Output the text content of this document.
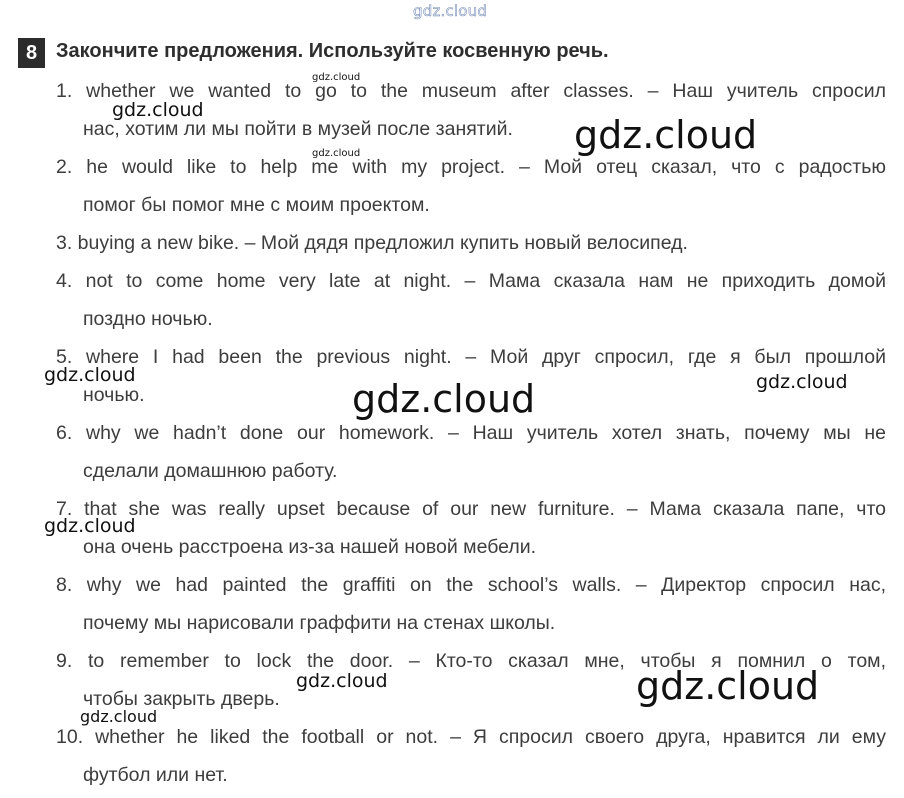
gdz.cloud
8 Закончите предложения. Используйте косвенную речь.
1. whether we wanted to go to the museum after classes. – Наш учитель спросил
нас, хотим ли мы пойти в музей после занятий.
2. he would like to help me with my project. – Мой отец сказал, что с радостью
помог бы помог мне с моим проектом.
3. buying a new bike. – Мой дядя предложил купить новый велосипед.
4. not to come home very late at night. – Мама сказала нам не приходить домой
поздно ночью.
5. where I had been the previous night. – Мой друг спросил, где я был прошлой
ночью.
6. why we hadn’t done our homework. – Наш учитель хотел знать, почему мы не
сделали домашнюю работу.
7. that she was really upset because of our new furniture. – Мама сказала папе, что
она очень расстроена из-за нашей новой мебели.
8. why we had painted the graffiti on the school’s walls. – Директор спросил нас,
почему мы нарисовали граффити на стенах школы.
9. to remember to lock the door. – Кто-то сказал мне, чтобы я помнил о том,
чтобы закрыть дверь.
10. whether he liked the football or not. – Я спросил своего друга, нравится ли ему
футбол или нет.
gdz.cloud
gdz.cloud
gdz.cloud
gdz.cloud
gdz.cloud	gdz.cloud
gdz.cloud
gdz.cloud
gdz.cloud	gdz.cloud
gdz.cloud
